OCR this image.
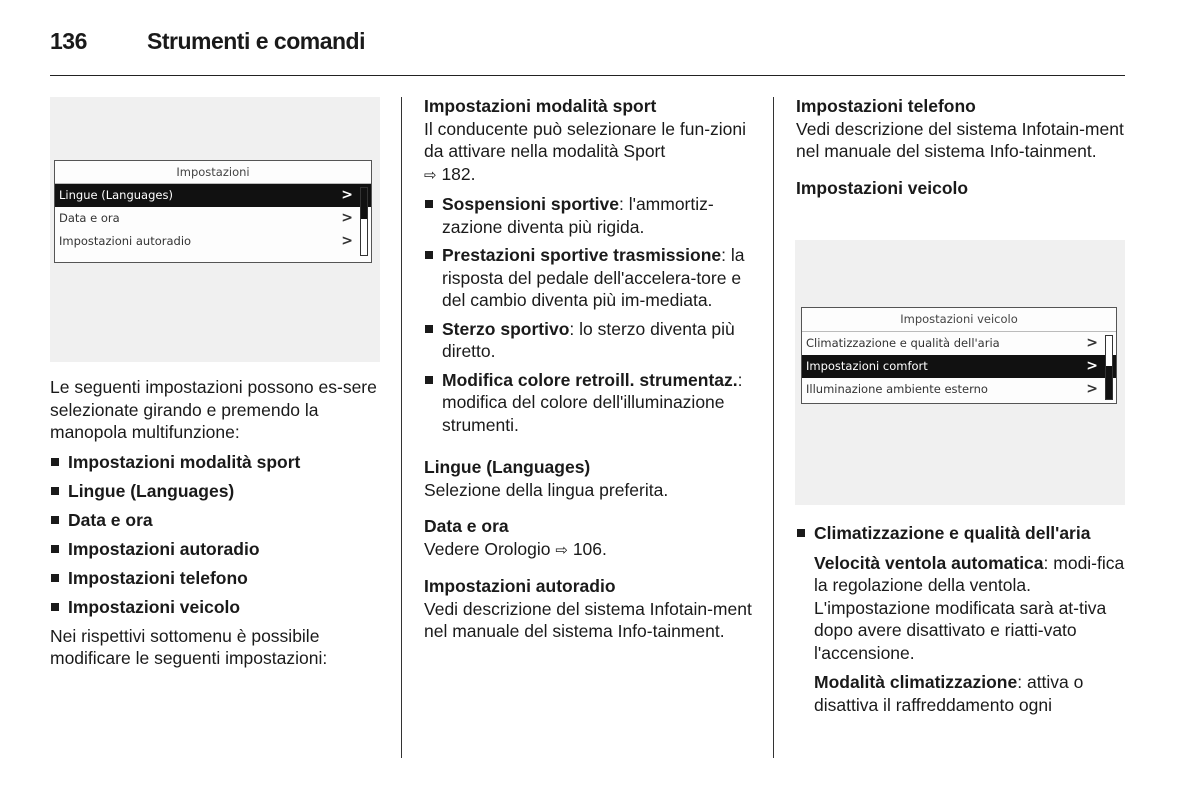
136	Strumenti e comandi
Impostazioni
Lingue (Languages)	>
Data e ora	>
Impostazioni autoradio	>

Le seguenti impostazioni possono es-sere selezionate girando e premendo la manopola multifunzione:

Impostazioni modalità sport
Lingue (Languages)
Data e ora
Impostazioni autoradio
Impostazioni telefono
Impostazioni veicolo

Nei rispettivi sottomenu è possibile modificare le seguenti impostazioni:

Impostazioni modalità sport

Il conducente può selezionare le fun-zioni da attivare nella modalità Sport
⇨ 182.

Sospensioni sportive: l'ammortiz-zazione diventa più rigida.
Prestazioni sportive trasmissione: la risposta del pedale dell'accelera-tore e del cambio diventa più im-mediata.
Sterzo sportivo: lo sterzo diventa più diretto.
Modifica colore retroill. strumentaz.: modifica del colore dell'illuminazione strumenti.

Lingue (Languages)

Selezione della lingua preferita.

Data e ora

Vedere Orologio ⇨ 106.

Impostazioni autoradio

Vedi descrizione del sistema Infotain-ment nel manuale del sistema Info-tainment.

Impostazioni telefono

Vedi descrizione del sistema Infotain-ment nel manuale del sistema Info-tainment.

Impostazioni veicolo

Impostazioni veicolo
Climatizzazione e qualità dell'aria	>
Impostazioni comfort	>
Illuminazione ambiente esterno	>

Climatizzazione e qualità dell'aria

Velocità ventola automatica: modi-fica la regolazione della ventola. L'impostazione modificata sarà at-tiva dopo avere disattivato e riatti-vato l'accensione.

Modalità climatizzazione: attiva o disattiva il raffreddamento ogni
